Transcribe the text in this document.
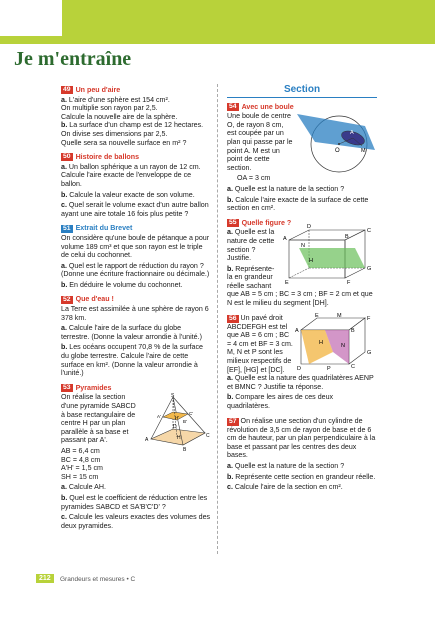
Je m'entraîne
49 Un peu d'aire

a. L'aire d'une sphère est 154 cm².

On multiplie son rayon par 2,5.

Calcule la nouvelle aire de la sphère.

b. La surface d'un champ est de 12 hectares.

On divise ses dimensions par 2,5.

Quelle sera sa nouvelle surface en m² ?

50 Histoire de ballons

a. Un ballon sphérique a un rayon de 12 cm. Calcule l'aire exacte de l'enveloppe de ce ballon.

b. Calcule la valeur exacte de son volume.

c. Quel serait le volume exact d'un autre ballon ayant une aire totale 16 fois plus petite ?

51 Extrait du Brevet

On considère qu'une boule de pétanque a pour volume 189 cm³ et que son rayon est le triple de celui du cochonnet.

a. Quel est le rapport de réduction du rayon ?

(Donne une écriture fractionnaire ou décimale.)

b. En déduire le volume du cochonnet.

52 Que d'eau !

La Terre est assimilée à une sphère de rayon 6 378 km.

a. Calcule l'aire de la surface du globe terrestre. (Donne la valeur arrondie à l'unité.)

b. Les océans occupent 70,8 % de la surface du globe terrestre. Calcule l'aire de cette surface en km². (Donne la valeur arrondie à l'unité.)

53 Pyramides
S
A
B
C
D
H
A'	H'
C'
B'

On réalise la section d'une pyramide SABCD à base rectangulaire de centre H par un plan parallèle à sa base et passant par A'.

AB = 6,4 cm

BC = 4,8 cm

A'H' = 1,5 cm

SH = 15 cm

a. Calcule AH.

b. Quel est le coefficient de réduction entre les pyramides SABCD et SA'B'C'D' ?

c. Calcule les valeurs exactes des volumes des deux pyramides.

Section
54 Avec une boule
O
A
M

Une boule de centre O, de rayon 8 cm, est coupée par un plan qui passe par le point A. M est un point de cette section.

OA = 3 cm

a. Quelle est la nature de la section ?

b. Calcule l'aire exacte de la surface de cette section en cm².

55 Quelle figure ?
A	B
C
D
E	F
G
H
N

a. Quelle est la nature de cette section ? Justifie.

b. Représente-la en grandeur réelle sachant que AB = 5 cm ; BC = 3 cm ; BF = 2 cm et que N est le milieu du segment [DH].

A
E	M	F
B
G
H	N
C
P
D

56 Un pavé droit ABCDEFGH est tel que AB = 6 cm ; BC = 4 cm et BF = 3 cm. M, N et P sont les milieux respectifs de [EF], [HG] et [DC].

a. Quelle est la nature des quadrilatères AENP et BMNC ? Justifie ta réponse.

b. Compare les aires de ces deux quadrilatères.

57 On réalise une section d'un cylindre de révolution de 3,5 cm de rayon de base et de 6 cm de hauteur, par un plan perpendiculaire à la base et passant par les centres des deux bases.

a. Quelle est la nature de la section ?

b. Représente cette section en grandeur réelle.

c. Calcule l'aire de la section en cm².

212	Grandeurs et mesures • C
